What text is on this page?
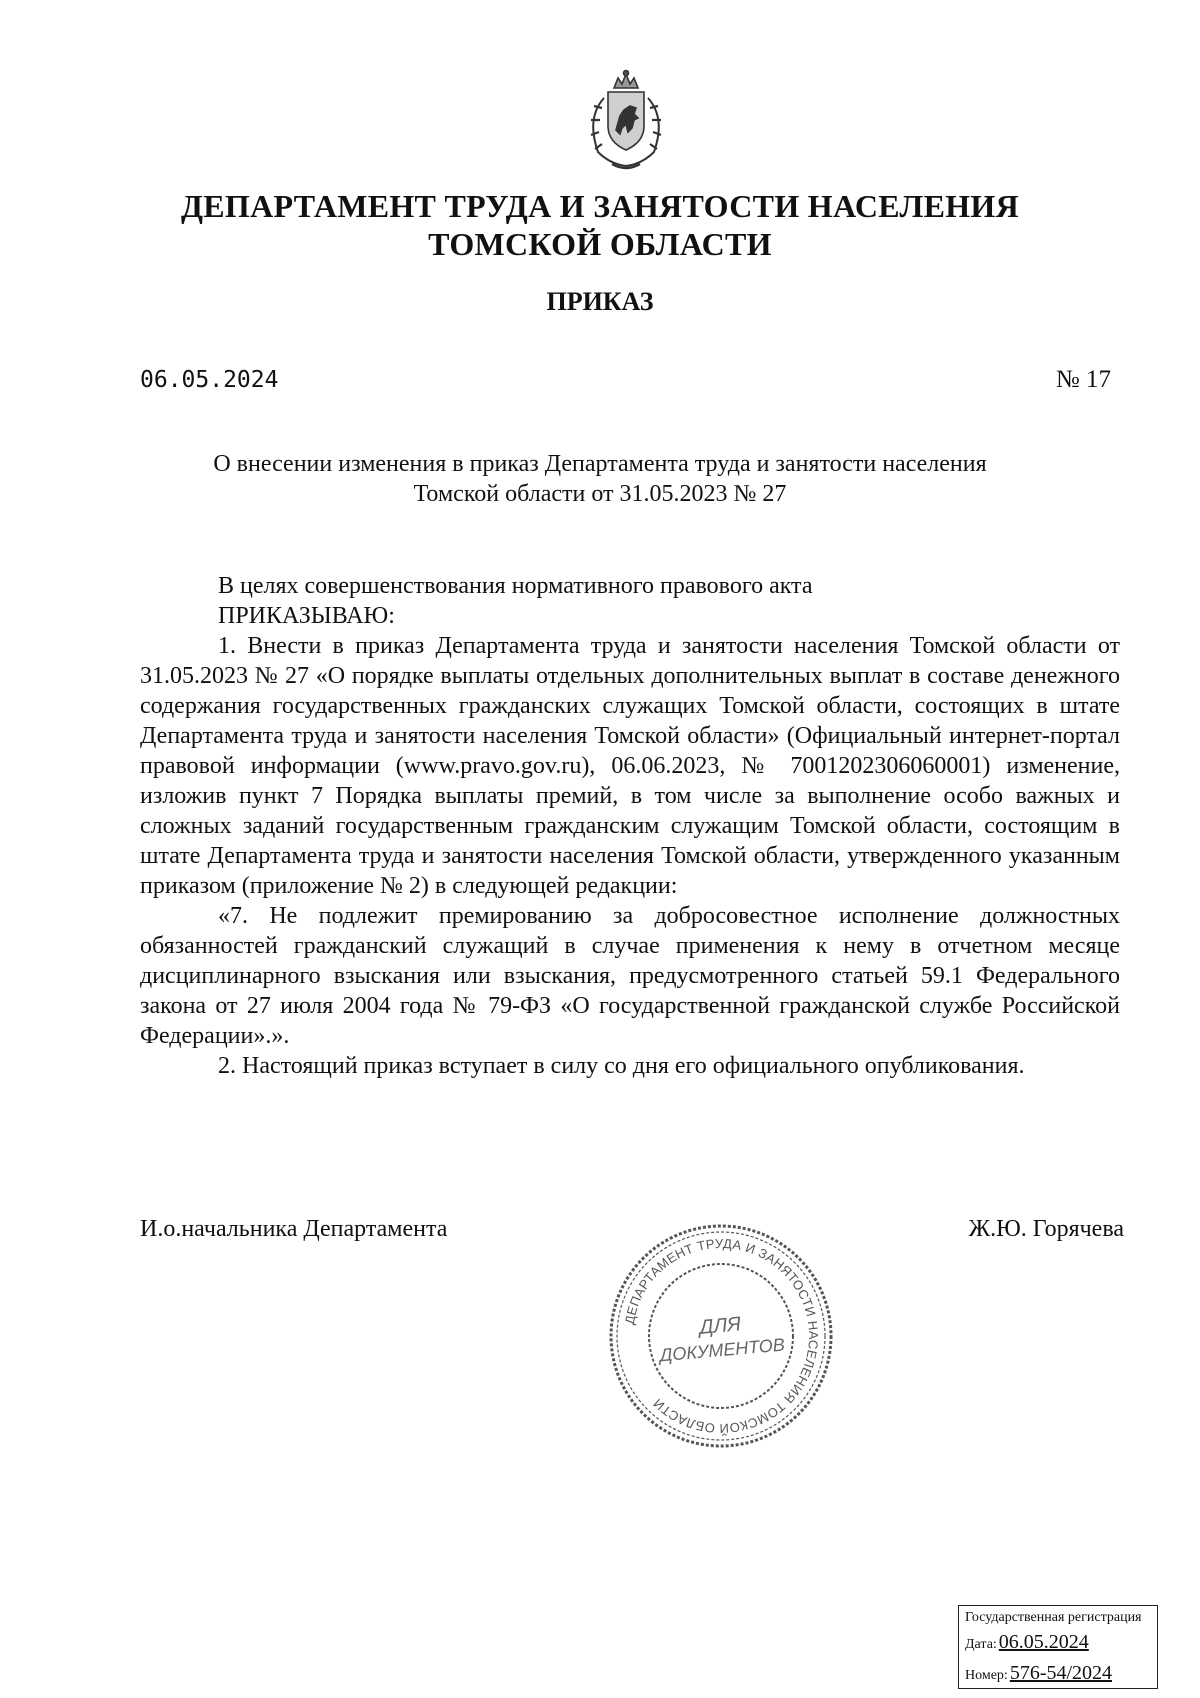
ДЕПАРТАМЕНТ ТРУДА И ЗАНЯТОСТИ НАСЕЛЕНИЯ
ТОМСКОЙ ОБЛАСТИ
ПРИКАЗ
06.05.2024	№ 17
О внесении изменения в приказ Департамента труда и занятости населения
Томской области от 31.05.2023 № 27

В целях совершенствования нормативного правового акта

ПРИКАЗЫВАЮ:

1. Внести в приказ Департамента труда и занятости населения Томской области от 31.05.2023 № 27 «О порядке выплаты отдельных дополнительных выплат в составе денежного содержания государственных гражданских служащих Томской области, состоящих в штате Департамента труда и занятости населения Томской области» (Официальный интернет-портал правовой информации (www.pravo.gov.ru), 06.06.2023, № 7001202306060001) изменение, изложив пункт 7 Порядка выплаты премий, в том числе за выполнение особо важных и сложных заданий государственным гражданским служащим Томской области, состоящим в штате Департамента труда и занятости населения Томской области, утвержденного указанным приказом (приложение № 2) в следующей редакции:

«7. Не подлежит премированию за добросовестное исполнение должностных обязанностей гражданский служащий в случае применения к нему в отчетном месяце дисциплинарного взыскания или взыскания, предусмотренного статьей 59.1 Федерального закона от 27 июля 2004 года № 79-ФЗ «О государственной гражданской службе Российской Федерации».».

2. Настоящий приказ вступает в силу со дня его официального опубликования.

И.о.начальника Департамента	Ж.Ю. Горячева
ДЕПАРТАМЕНТ ТРУДА И ЗАНЯТОСТИ НАСЕЛЕНИЯ ТОМСКОЙ ОБЛАСТИ
ДЛЯ
ДОКУМЕНТОВ
Государственная регистрация
Дата: 06.05.2024
Номер: 576-54/2024
